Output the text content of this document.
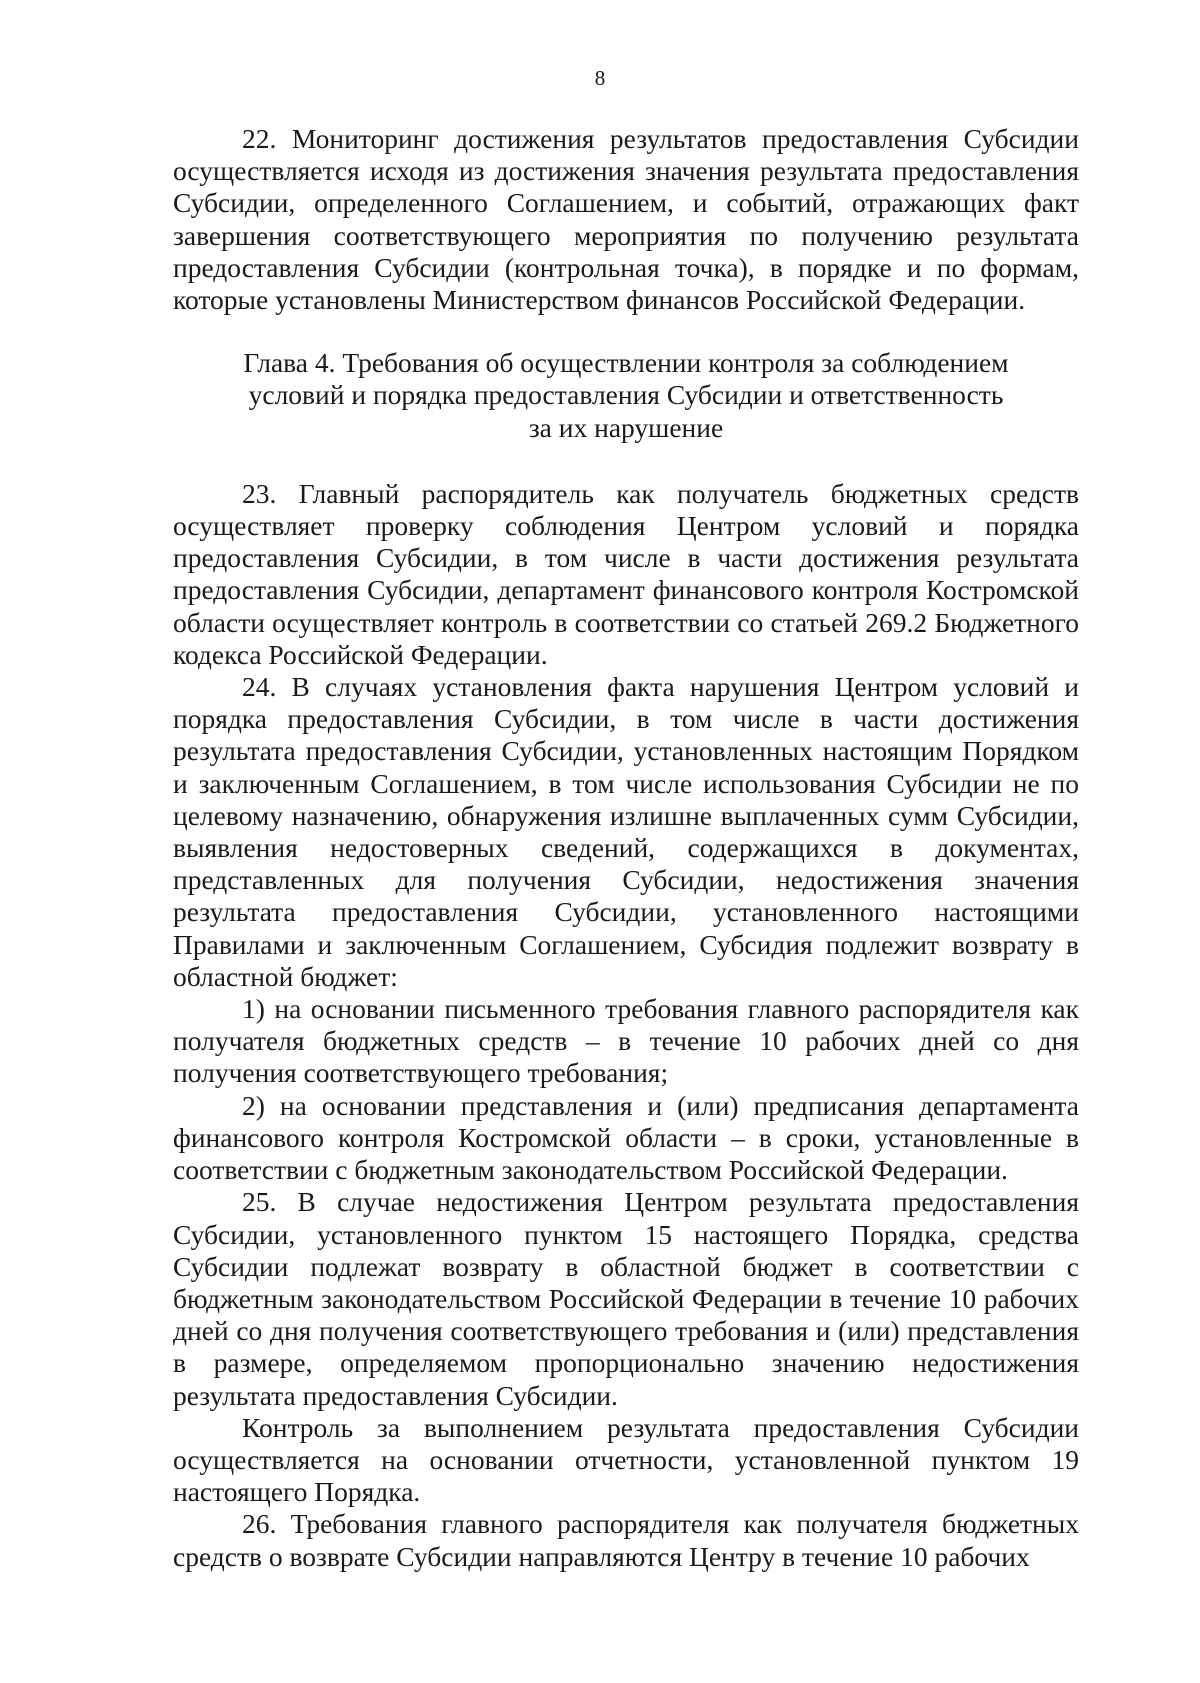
8

22. Мониторинг достижения результатов предоставления Субсидии осуществляется исходя из достижения значения результата предоставления Субсидии, определенного Соглашением, и событий, отражающих факт завершения соответствующего мероприятия по получению результата предоставления Субсидии (контрольная точка), в порядке и по формам, которые установлены Министерством финансов Российской Федерации.

Глава 4. Требования об осуществлении контроля за соблюдением
условий и порядка предоставления Субсидии и ответственность
за их нарушение

23. Главный распорядитель как получатель бюджетных средств осуществляет проверку соблюдения Центром условий и порядка предоставления Субсидии, в том числе в части достижения результата предоставления Субсидии, департамент финансового контроля Костромской области осуществляет контроль в соответствии со статьей 269.2 Бюджетного кодекса Российской Федерации.

24. В случаях установления факта нарушения Центром условий и порядка предоставления Субсидии, в том числе в части достижения результата предоставления Субсидии, установленных настоящим Порядком и заключенным Соглашением, в том числе использования Субсидии не по целевому назначению, обнаружения излишне выплаченных сумм Субсидии, выявления недостоверных сведений, содержащихся в документах, представленных для получения Субсидии, недостижения значения результата предоставления Субсидии, установленного настоящими Правилами и заключенным Соглашением, Субсидия подлежит возврату в областной бюджет:

1) на основании письменного требования главного распорядителя как получателя бюджетных средств – в течение 10 рабочих дней со дня получения соответствующего требования;

2) на основании представления и (или) предписания департамента финансового контроля Костромской области – в сроки, установленные в соответствии с бюджетным законодательством Российской Федерации.

25. В случае недостижения Центром результата предоставления Субсидии, установленного пунктом 15 настоящего Порядка, средства Субсидии подлежат возврату в областной бюджет в соответствии с бюджетным законодательством Российской Федерации в течение 10 рабочих дней со дня получения соответствующего требования и (или) представления в размере, определяемом пропорционально значению недостижения результата предоставления Субсидии.

Контроль за выполнением результата предоставления Субсидии осуществляется на основании отчетности, установленной пунктом 19 настоящего Порядка.

26. Требования главного распорядителя как получателя бюджетных средств о возврате Субсидии направляются Центру в течение 10 рабочих
